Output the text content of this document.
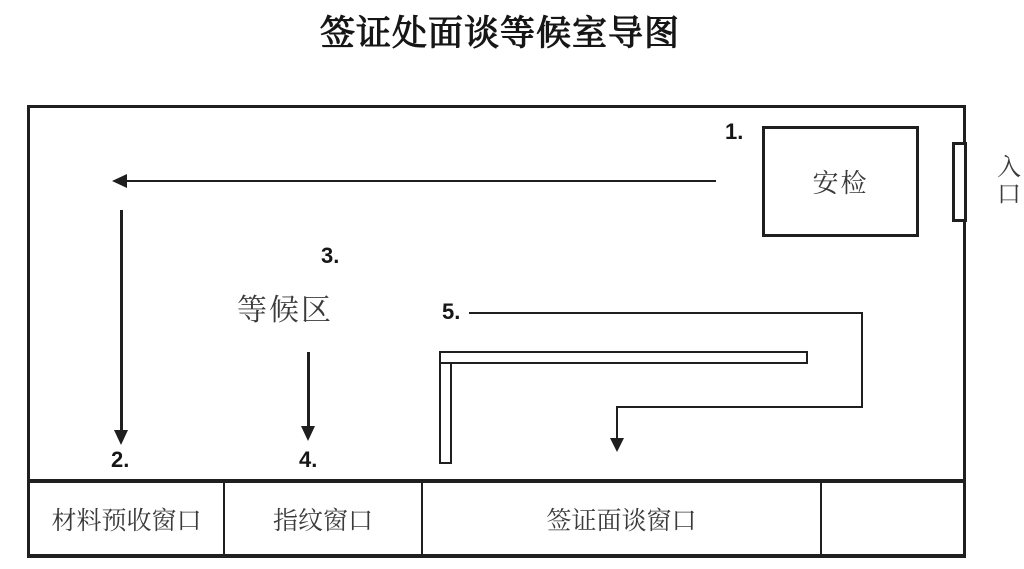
签证处面谈等候室导图
材料预收窗口	指纹窗口	签证面谈窗口
安检
1.
入口
2.
3.
等候区
4.
5.
